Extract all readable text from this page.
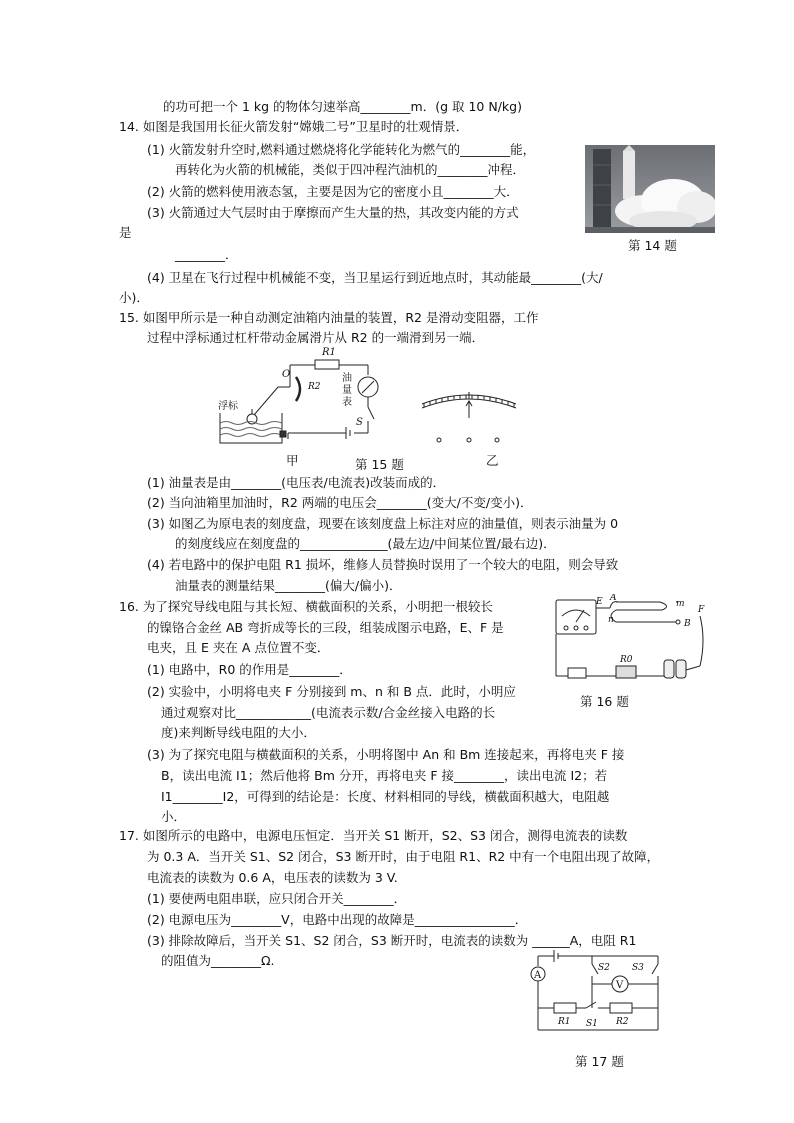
的功可把一个 1 kg 的物体匀速举高________m．(g 取 10 N/kg)
14. 如图是我国用长征火箭发射“嫦娥二号”卫星时的壮观情景．
(1) 火箭发射升空时,燃料通过燃烧将化学能转化为燃气的________能，
再转化为火箭的机械能，类似于四冲程汽油机的________冲程．
(2) 火箭的燃料使用液态氢，主要是因为它的密度小且________大．
(3) 火箭通过大气层时由于摩擦而产生大量的热，其改变内能的方式
是
________．
(4) 卫星在飞行过程中机械能不变，当卫星运行到近地点时，其动能最________(大/
小)．
15. 如图甲所示是一种自动测定油箱内油量的装置，R2 是滑动变阻器，工作
过程中浮标通过杠杆带动金属滑片从 R2 的一端滑到另一端．
(1) 油量表是由________(电压表/电流表)改装而成的．
(2) 当向油箱里加油时，R2 两端的电压会________(变大/不变/变小)．
(3) 如图乙为原电表的刻度盘，现要在该刻度盘上标注对应的油量值，则表示油量为 0
的刻度线应在刻度盘的______________(最左边/中间某位置/最右边)．
(4) 若电路中的保护电阻 R1 损坏，维修人员替换时误用了一个较大的电阻，则会导致
油量表的测量结果________(偏大/偏小)．
16. 为了探究导线电阻与其长短、横截面积的关系，小明把一根较长
的镍铬合金丝 AB 弯折成等长的三段，组装成图示电路，E、F 是
电夹，且 E 夹在 A 点位置不变．
(1) 电路中，R0 的作用是________．
(2) 实验中，小明将电夹 F 分别接到 m、n 和 B 点．此时，小明应
通过观察对比____________(电流表示数/合金丝接入电路的长
度)来判断导线电阻的大小．
(3) 为了探究电阻与横截面积的关系，小明将图中 An 和 Bm 连接起来，再将电夹 F 接
B，读出电流 I1；然后他将 Bm 分开，再将电夹 F 接________，读出电流 I2；若
I1________I2，可得到的结论是：长度、材料相同的导线，横截面积越大，电阻越
小．
17. 如图所示的电路中，电源电压恒定．当开关 S1 断开，S2、S3 闭合，测得电流表的读数
为 0.3 A．当开关 S1、S2 闭合，S3 断开时，由于电阻 R1、R2 中有一个电阻出现了故障，
电流表的读数为 0.6 A，电压表的读数为 3 V.
(1) 要使两电阻串联，应只闭合开关________．
(2) 电源电压为________V，电路中出现的故障是________________．
(3) 排除故障后，当开关 S1、S2 闭合，S3 断开时，电流表的读数为 ______A，电阻 R1
的阻值为________Ω.
第 14 题
R1
O
R2
浮标
油
量
表
S
甲	第 15 题	乙
E A
m
n	B
F
R0
第 16 题
A
V
S2 S3
R1 S1 R2
第 17 题
